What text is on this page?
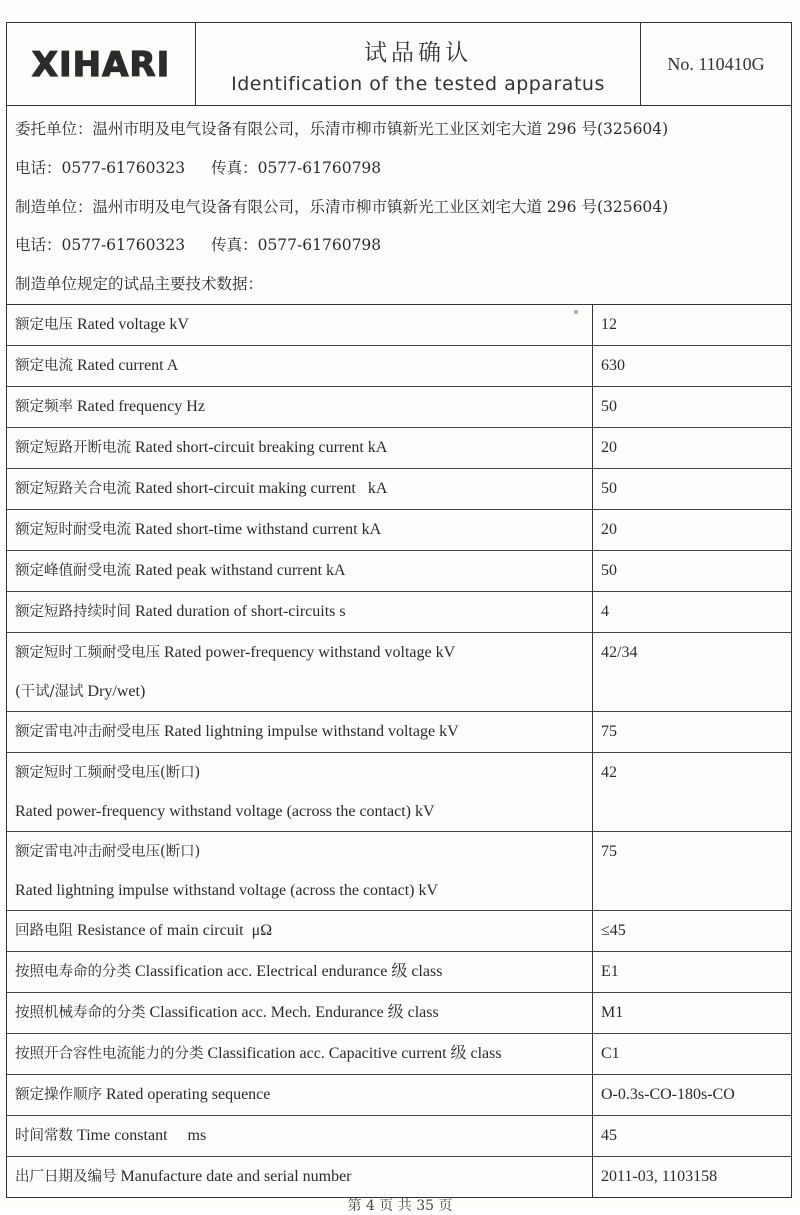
XIHARI	试品确认
Identification of the tested apparatus
No. 110410G
委托单位：温州市明及电气设备有限公司，乐清市柳市镇新光工业区刘宅大道 296 号(325604)
电话：0577-61760323 传真：0577-61760798
制造单位：温州市明及电气设备有限公司，乐清市柳市镇新光工业区刘宅大道 296 号(325604)
电话：0577-61760323 传真：0577-61760798
制造单位规定的试品主要技术数据：
额定电压 Rated voltage kV	12

额定电流 Rated current A	630

额定频率 Rated frequency Hz	50

额定短路开断电流 Rated short-circuit breaking current kA	20

额定短路关合电流 Rated short-circuit making current   kA	50

额定短时耐受电流 Rated short-time withstand current kA	20

额定峰值耐受电流 Rated peak withstand current kA	50

额定短路持续时间 Rated duration of short-circuits s	4

额定短时工频耐受电压 Rated power-frequency withstand voltage kV
(干试/湿试 Dry/wet)	42/34

额定雷电冲击耐受电压 Rated lightning impulse withstand voltage kV	75

额定短时工频耐受电压(断口)
Rated power-frequency withstand voltage (across the contact) kV	42

额定雷电冲击耐受电压(断口)
Rated lightning impulse withstand voltage (across the contact) kV	75

回路电阻 Resistance of main circuit  μΩ	≤45

按照电寿命的分类 Classification acc. Electrical endurance 级 class	E1

按照机械寿命的分类 Classification acc. Mech. Endurance 级 class	M1

按照开合容性电流能力的分类 Classification acc. Capacitive current 级 class	C1

额定操作顺序 Rated operating sequence	O-0.3s-CO-180s-CO

时间常数 Time constant     ms	45

出厂日期及编号 Manufacture date and serial number	2011-03, 1103158
第 4 页 共 35 页
